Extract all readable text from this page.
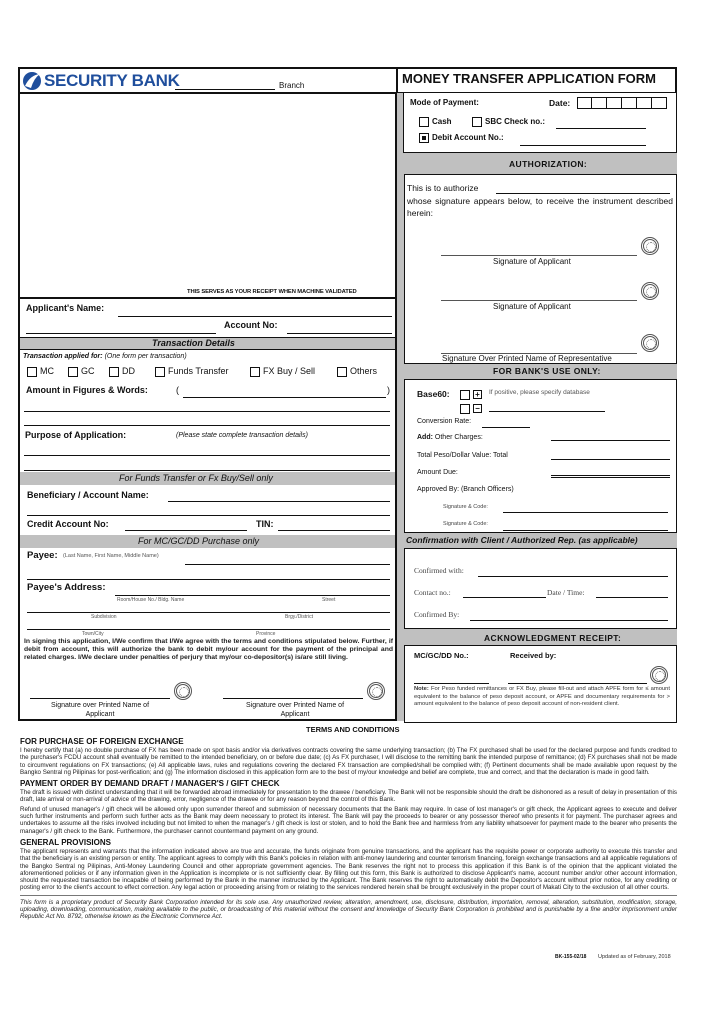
SECURITY BANK	Branch	MONEY TRANSFER APPLICATION FORM
Mode of Payment:	Date:
Cash	SBC Check no.:
Debit Account No.:
AUTHORIZATION:
This is to authorize
whose signature appears below, to receive the instrument described herein:
Signature of Applicant
Signature of Applicant
Signature Over Printed Name of Representative
FOR BANK'S USE ONLY:
Base60:	+	If positive, please specify database
−
Conversion Rate:
Add: Other Charges:
Total Peso/Dollar Value: Total
Amount Due:
Approved By: (Branch Officers)
Signature & Code:
Signature & Code:
Confirmation with Client / Authorized Rep. (as applicable)
Confirmed with:
Contact no.:	Date / Time:
Confirmed By:
ACKNOWLEDGMENT RECEIPT:
MC/GC/DD No.:	Received by:
Note: For Peso funded remittances or FX Buy, please fill-out and attach APFE form for ≤ amount equivalent to the balance of peso deposit account, or APFE and documentary requirements for > amount equivalent to the balance of peso deposit account of non-resident client.
THIS SERVES AS YOUR RECEIPT WHEN MACHINE VALIDATED
Applicant's Name:
Account No:
Transaction Details
Transaction applied for: (One form per transaction)
MC	GC	DD	Funds Transfer	FX Buy / Sell	Others
Amount in Figures & Words:	(	)
Purpose of Application:	(Please state complete transaction details)
For Funds Transfer or Fx Buy/Sell only
Beneficiary / Account Name:
Credit Account No:	TIN:
For MC/GC/DD Purchase only
Payee: (Last Name, First Name, Middle Name)
Payee's Address:
Room/House No./ Bldg. Name	Street
Subdivision	Brgy./District
Town/City	Province
In signing this application, I/We confirm that I/We agree with the terms and conditions stipulated below. Further, if debit from account, this will authorize the bank to debit my/our account for the payment of the principal and related charges. I/We declare under penalties of perjury that my/our co-depositor(s) is/are still living.
Signature over Printed Name of Applicant
Signature over Printed Name of Applicant
TERMS AND CONDITIONS
FOR PURCHASE OF FOREIGN EXCHANGE

I hereby certify that (a) no double purchase of FX has been made on spot basis and/or via derivatives contracts covering the same underlying transaction; (b) The FX purchased shall be used for the declared purpose and funds credited to the purchaser's FCDU account shall eventually be remitted to the intended beneficiary, on or before due date; (c) As FX purchaser, I will disclose to the remitting bank the intended purpose of remittance; (d) FX purchases shall not be made to circumvent regulations on FX transactions; (e) All applicable laws, rules and regulations covering the declared FX transaction are complied/shall be complied with; (f) Pertinent documents shall be made available upon request by the Bangko Sentral ng Pilipinas for post-verification; and (g) The information disclosed in this application form are to the best of my/our knowledge and belief are complete, true and correct, and that the declaration is made in good faith.

PAYMENT ORDER BY DEMAND DRAFT / MANAGER'S / GIFT CHECK

The draft is issued with distinct understanding that it will be forwarded abroad immediately for presentation to the drawee / beneficiary. The Bank will not be responsible should the draft be dishonored as a result of delay in presentation of this draft, late arrival or non-arrival of advice of the drawing, error, negligence of the drawee or for any reason beyond the control of this Bank.

Refund of unused manager's / gift check will be allowed only upon surrender thereof and submission of necessary documents that the Bank may require. In case of lost manager's or gift check, the Applicant agrees to execute and deliver such further instruments and perform such further acts as the Bank may deem necessary to protect its interest. The Bank will pay the proceeds to bearer or any possessor thereof who presents it for payment. The purchaser agrees and undertakes to assume all the risks involved including but not limited to when the manager's / gift check is lost or stolen, and to hold the Bank free and harmless from any liability whatsoever for payment made to the bearer who presents the manager's / gift check to the Bank. Furthermore, the purchaser cannot countermand payment on any ground.

GENERAL PROVISIONS

The applicant represents and warrants that the information indicated above are true and accurate, the funds originate from genuine transactions, and the applicant has the requisite power or corporate authority to execute this transfer and that the beneficiary is an existing person or entity. The applicant agrees to comply with this Bank's policies in relation with anti-money laundering and counter terrorism financing, foreign exchange transactions and all applicable regulations of the Bangko Sentral ng Pilipinas, Anti-Money Laundering Council and other appropriate government agencies. The Bank reserves the right not to process this application if this Bank is of the opinion that the applicant violated the aforementioned policies or if any information given in the Application is incomplete or is not sufficiently clear. By filling out this form, this Bank is authorized to disclose Applicant's name, account number and/or other account information, should the requested transaction be incapable of being performed by the Bank in the manner instructed by the Applicant. The Bank reserves the right to automatically debit the Depositor's account without prior notice, for any crediting or posting error to the client's account to effect correction. Any legal action or proceeding arising from or relating to the services rendered herein shall be brought exclusively in the proper court of Makati City to the exclusion of all other courts.

This form is a proprietary product of Security Bank Corporation intended for its sole use. Any unauthorized review, alteration, amendment, use, disclosure, distribution, importation, removal, alteration, substitution, modification, storage, uploading, downloading, communication, making available to the public, or broadcasting of this material without the consent and knowledge of Security Bank Corporation is prohibited and is punishable by a fine and/or imprisonment under Republic Act No. 8792, otherwise known as the Electronic Commerce Act.

BK-155-02/18 Updated as of February, 2018
